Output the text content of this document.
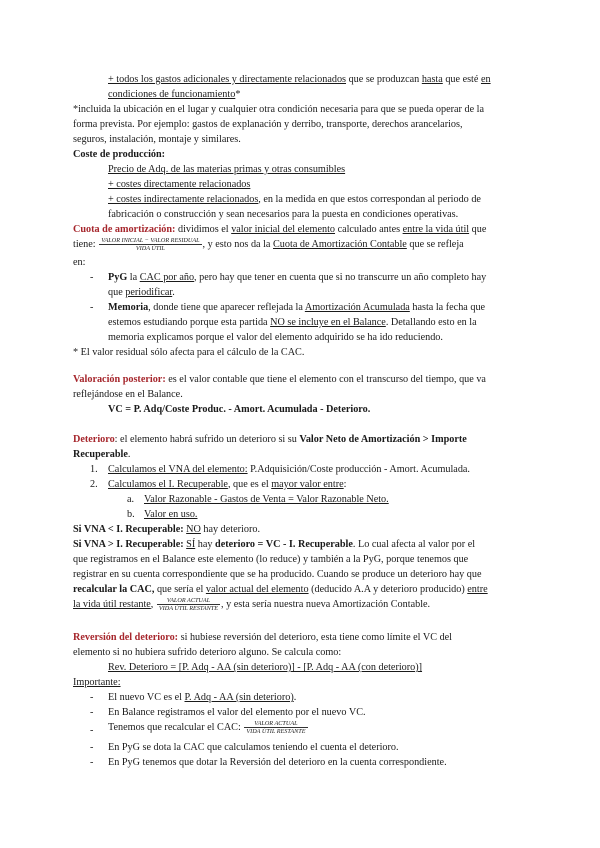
+ todos los gastos adicionales y directamente relacionados que se produzcan hasta que esté en
condiciones de funcionamiento*
*incluida la ubicación en el lugar y cualquier otra condición necesaria para que se pueda operar de la
forma prevista. Por ejemplo: gastos de explanación y derribo, transporte, derechos arancelarios,
seguros, instalación, montaje y similares.
Coste de producción:
Precio de Adq. de las materias primas y otras consumibles
+ costes directamente relacionados
+ costes indirectamente relacionados, en la medida en que estos correspondan al periodo de
fabricación o construcción y sean necesarios para la puesta en condiciones operativas.
Cuota de amortización: dividimos el valor inicial del elemento calculado antes entre la vida útil que
tiene: $\frac{\text{VALOR INICIAL − VALOR RESIDUAL}}{\text{VIDA ÚTIL}}$ , y esto nos da la Cuota de Amortización Contable que se refleja
en:
- PyG la CAC por año, pero hay que tener en cuenta que si no transcurre un año completo hay
que periodificar.
- Memoria, donde tiene que aparecer reflejada la Amortización Acumulada hasta la fecha que
estemos estudiando porque esta partida NO se incluye en el Balance. Detallando esto en la
memoria explicamos porque el valor del elemento adquirido se ha ido reduciendo.
* El valor residual sólo afecta para el cálculo de la CAC.
Valoración posterior: es el valor contable que tiene el elemento con el transcurso del tiempo, que va
reflejándose en el Balance.
VC = P. Adq/Coste Produc. - Amort. Acumulada - Deterioro.
Deterioro: el elemento habrá sufrido un deterioro si su Valor Neto de Amortización > Importe
Recuperable.
1. Calculamos el VNA del elemento: P.Adquisición/Coste producción - Amort. Acumulada.
2. Calculamos el I. Recuperable, que es el mayor valor entre:
a. Valor Razonable - Gastos de Venta = Valor Razonable Neto.
b. Valor en uso.
Si VNA < I. Recuperable: NO hay deterioro.
Si VNA > I. Recuperable: SÍ hay deterioro = VC - I. Recuperable. Lo cual afecta al valor por el
que registramos en el Balance este elemento (lo reduce) y también a la PyG, porque tenemos que
registrar en su cuenta correspondiente que se ha producido. Cuando se produce un deterioro hay que
recalcular la CAC, que sería el valor actual del elemento (deducido A.A y deterioro producido) entre
la vida útil restante, $\frac{\text{VALOR ACTUAL}}{\text{VIDA ÚTIL RESTANTE}}$ , y esta sería nuestra nueva Amortización Contable.
Reversión del deterioro: si hubiese reversión del deterioro, esta tiene como límite el VC del
elemento si no hubiera sufrido deterioro alguno. Se calcula como:
Rev. Deterioro = [P. Adq - AA (sin deterioro)] - [P. Adq - AA (con deterioro)]
Importante:
- El nuevo VC es el P. Adq - AA (sin deterioro).
- En Balance registramos el valor del elemento por el nuevo VC.
- Tenemos que recalcular el CAC: $\frac{\text{VALOR ACTUAL}}{\text{VIDA ÚTIL RESTANTE}}$
- En PyG se dota la CAC que calculamos teniendo el cuenta el deterioro.
- En PyG tenemos que dotar la Reversión del deterioro en la cuenta correspondiente.
